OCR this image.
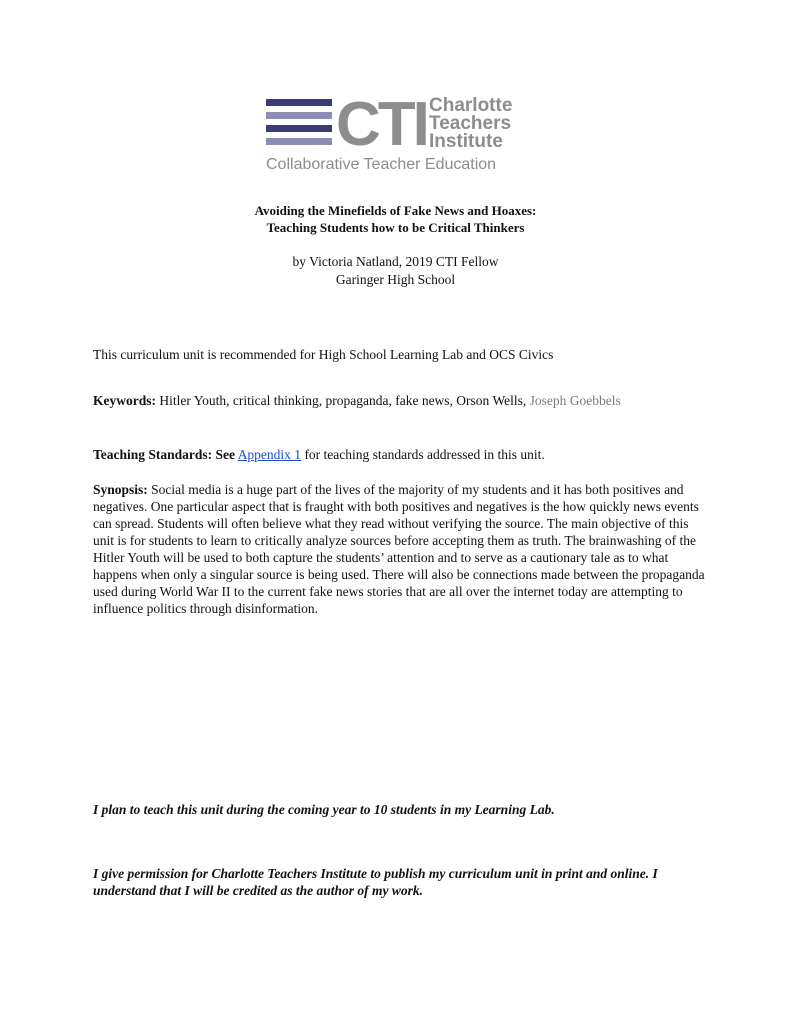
CTI Charlotte
Teachers
Institute
Collaborative Teacher Education
Avoiding the Minefields of Fake News and Hoaxes:
Teaching Students how to be Critical Thinkers
by Victoria Natland, 2019 CTI Fellow
Garinger High School
This curriculum unit is recommended for High School Learning Lab and OCS Civics
Keywords: Hitler Youth, critical thinking, propaganda, fake news, Orson Wells, Joseph Goebbels
Teaching Standards: See Appendix 1 for teaching standards addressed in this unit.
Synopsis: Social media is a huge part of the lives of the majority of my students and it has both positives and negatives. One particular aspect that is fraught with both positives and negatives is the how quickly news events can spread. Students will often believe what they read without verifying the source. The main objective of this unit is for students to learn to critically analyze sources before accepting them as truth. The brainwashing of the Hitler Youth will be used to both capture the students’ attention and to serve as a cautionary tale as to what happens when only a singular source is being used. There will also be connections made between the propaganda used during World War II to the current fake news stories that are all over the internet today are attempting to influence politics through disinformation.
I plan to teach this unit during the coming year to 10 students in my Learning Lab.
I give permission for Charlotte Teachers Institute to publish my curriculum unit in print and online. I understand that I will be credited as the author of my work.
